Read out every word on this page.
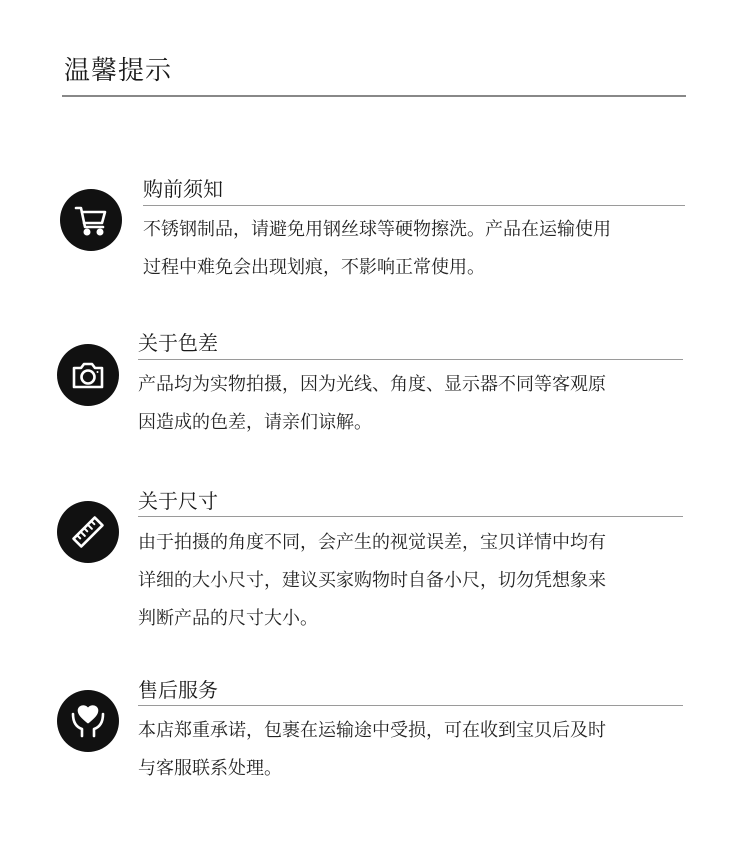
温馨提示
购前须知
不锈钢制品，请避免用钢丝球等硬物擦洗。产品在运输使用
过程中难免会出现划痕，不影响正常使用。
关于色差
产品均为实物拍摄，因为光线、角度、显示器不同等客观原
因造成的色差，请亲们谅解。
关于尺寸
由于拍摄的角度不同，会产生的视觉误差，宝贝详情中均有
详细的大小尺寸，建议买家购物时自备小尺，切勿凭想象来
判断产品的尺寸大小。
售后服务
本店郑重承诺，包裹在运输途中受损，可在收到宝贝后及时
与客服联系处理。
